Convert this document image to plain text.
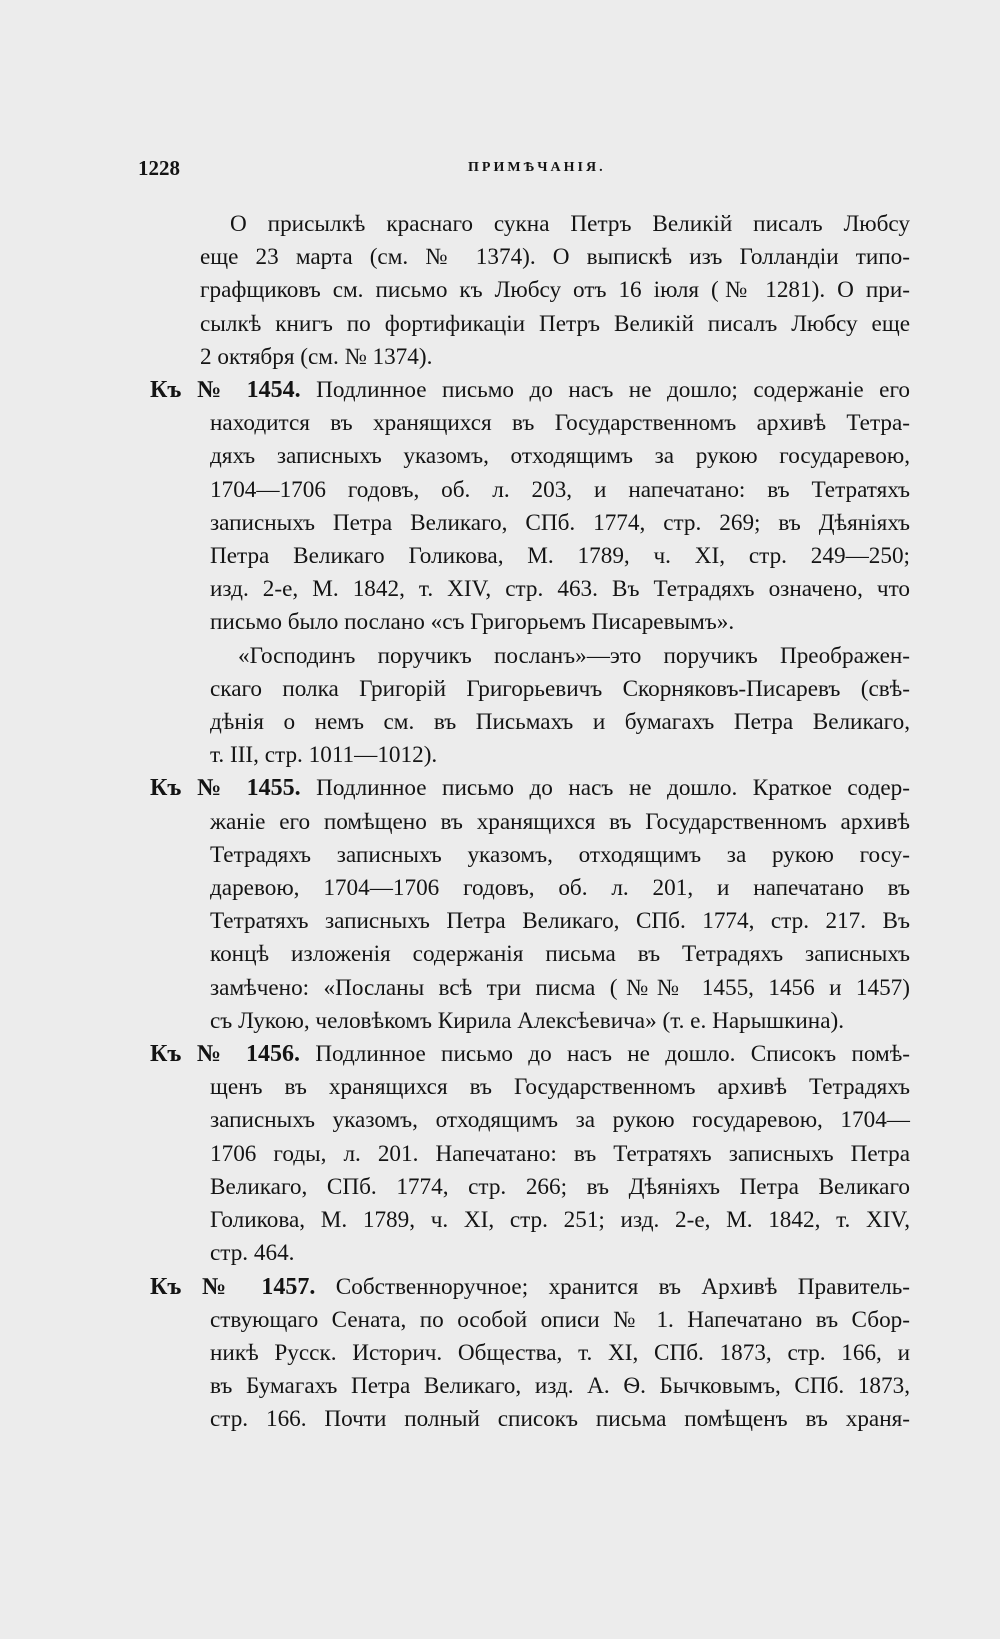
1228	ПРИМѢЧАНІЯ.
О присылкѣ краснаго сукна Петръ Великій писалъ Любсу
еще 23 марта (см. № 1374). О выпискѣ изъ Голландіи типо-
графщиковъ см. письмо къ Любсу отъ 16 іюля (№ 1281). О при-
сылкѣ книгъ по фортификаціи Петръ Великій писалъ Любсу еще
2 октября (см. № 1374).
Къ № 1454. Подлинное письмо до насъ не дошло; содержаніе его
находится въ хранящихся въ Государственномъ архивѣ Тетра-
дяхъ записныхъ указомъ, отходящимъ за рукою государевою,
1704—1706 годовъ, об. л. 203, и напечатано: въ Тетратяхъ
записныхъ Петра Великаго, СПб. 1774, стр. 269; въ Дѣяніяхъ
Петра Великаго Голикова, М. 1789, ч. XI, стр. 249—250;
изд. 2-е, М. 1842, т. XIV, стр. 463. Въ Тетрадяхъ означено, что
письмо было послано «съ Григорьемъ Писаревымъ».
«Господинъ поручикъ посланъ»—это поручикъ Преображен-
скаго полка Григорій Григорьевичъ Скорняковъ-Писаревъ (свѣ-
дѣнія о немъ см. въ Письмахъ и бумагахъ Петра Великаго,
т. III, стр. 1011—1012).
Къ № 1455. Подлинное письмо до насъ не дошло. Краткое содер-
жаніе его помѣщено въ хранящихся въ Государственномъ архивѣ
Тетрадяхъ записныхъ указомъ, отходящимъ за рукою госу-
даревою, 1704—1706 годовъ, об. л. 201, и напечатано въ
Тетратяхъ записныхъ Петра Великаго, СПб. 1774, стр. 217. Въ
концѣ изложенія содержанія письма въ Тетрадяхъ записныхъ
замѣчено: «Посланы всѣ три писма (№№ 1455, 1456 и 1457)
съ Лукою, человѣкомъ Кирила Алексѣевича» (т. е. Нарышкина).
Къ № 1456. Подлинное письмо до насъ не дошло. Списокъ помѣ-
щенъ въ хранящихся въ Государственномъ архивѣ Тетрадяхъ
записныхъ указомъ, отходящимъ за рукою государевою, 1704—
1706 годы, л. 201. Напечатано: въ Тетратяхъ записныхъ Петра
Великаго, СПб. 1774, стр. 266; въ Дѣяніяхъ Петра Великаго
Голикова, М. 1789, ч. XI, стр. 251; изд. 2-е, М. 1842, т. XIV,
стр. 464.
Къ № 1457. Собственноручное; хранится въ Архивѣ Правитель-
ствующаго Сената, по особой описи № 1. Напечатано въ Сбор-
никѣ Русск. Историч. Общества, т. XI, СПб. 1873, стр. 166, и
въ Бумагахъ Петра Великаго, изд. А. Ѳ. Бычковымъ, СПб. 1873,
стр. 166. Почти полный списокъ письма помѣщенъ въ храня-
